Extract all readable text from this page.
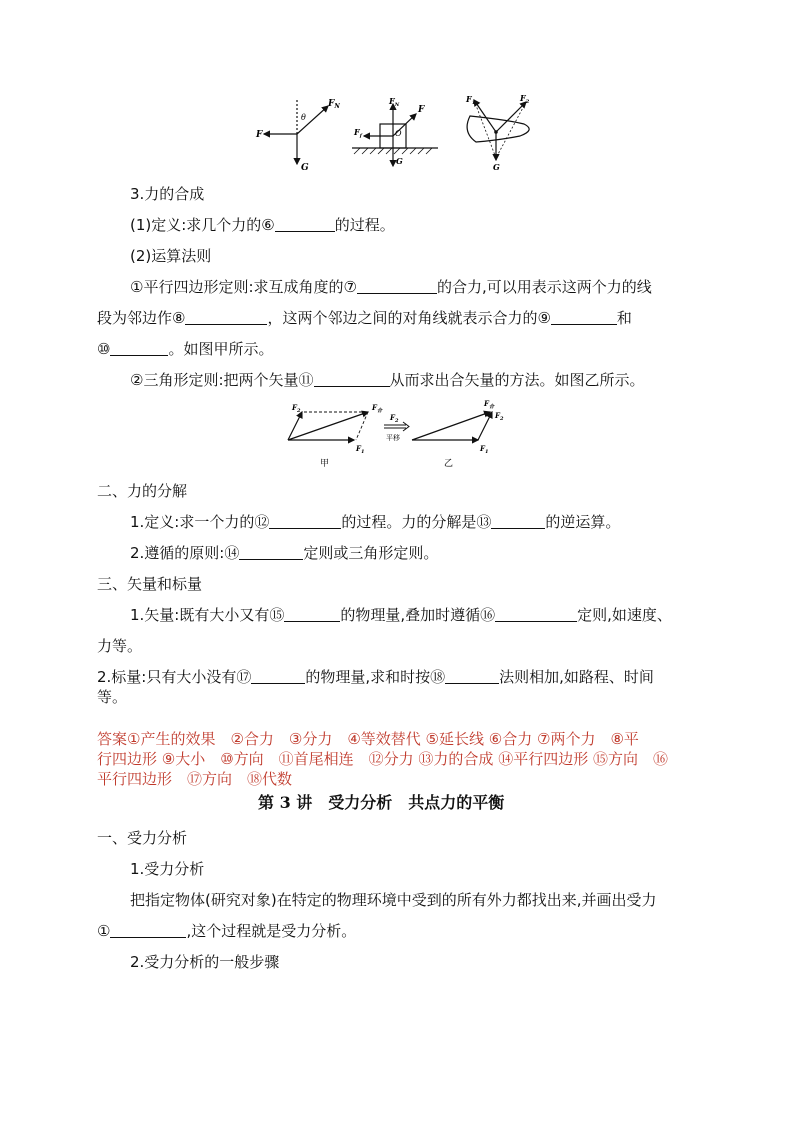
$F_N$
θ
F
G
$F_N$ F
$F_f$	O
G
$F_1$	$F_2$
G
3.力的合成
(1)定义:求几个力的⑥	的过程。
(2)运算法则
①平行四边形定则:求互成角度的⑦	的合力,可以用表示这两个力的线
段为邻边作⑧	，这两个邻边之间的对角线就表示合力的⑨	和
⑩	。如图甲所示。
②三角形定则:把两个矢量⑪	从而求出合矢量的方法。如图乙所示。
$F_2$	$F_合$
$F_1$
甲
$F_2$
平移
$F_合$
$F_2$
$F_1$
乙
二、力的分解
1.定义:求一个力的⑫	的过程。力的分解是⑬	的逆运算。
2.遵循的原则:⑭	定则或三角形定则。
三、矢量和标量
1.矢量:既有大小又有⑮	的物理量,叠加时遵循⑯	定则,如速度、
力等。
2.标量:只有大小没有⑰	的物理量,求和时按⑱	法则相加,如路程、时间
等。
答案①产生的效果　②合力　③分力　④等效替代 ⑤延长线 ⑥合力 ⑦两个力　⑧平
行四边形 ⑨大小　⑩方向　⑪首尾相连　⑫分力 ⑬力的合成 ⑭平行四边形 ⑮方向　⑯
平行四边形　⑰方向　⑱代数
第 3 讲　受力分析　共点力的平衡
一、受力分析
1.受力分析
把指定物体(研究对象)在特定的物理环境中受到的所有外力都找出来,并画出受力
①	,这个过程就是受力分析。
2.受力分析的一般步骤
